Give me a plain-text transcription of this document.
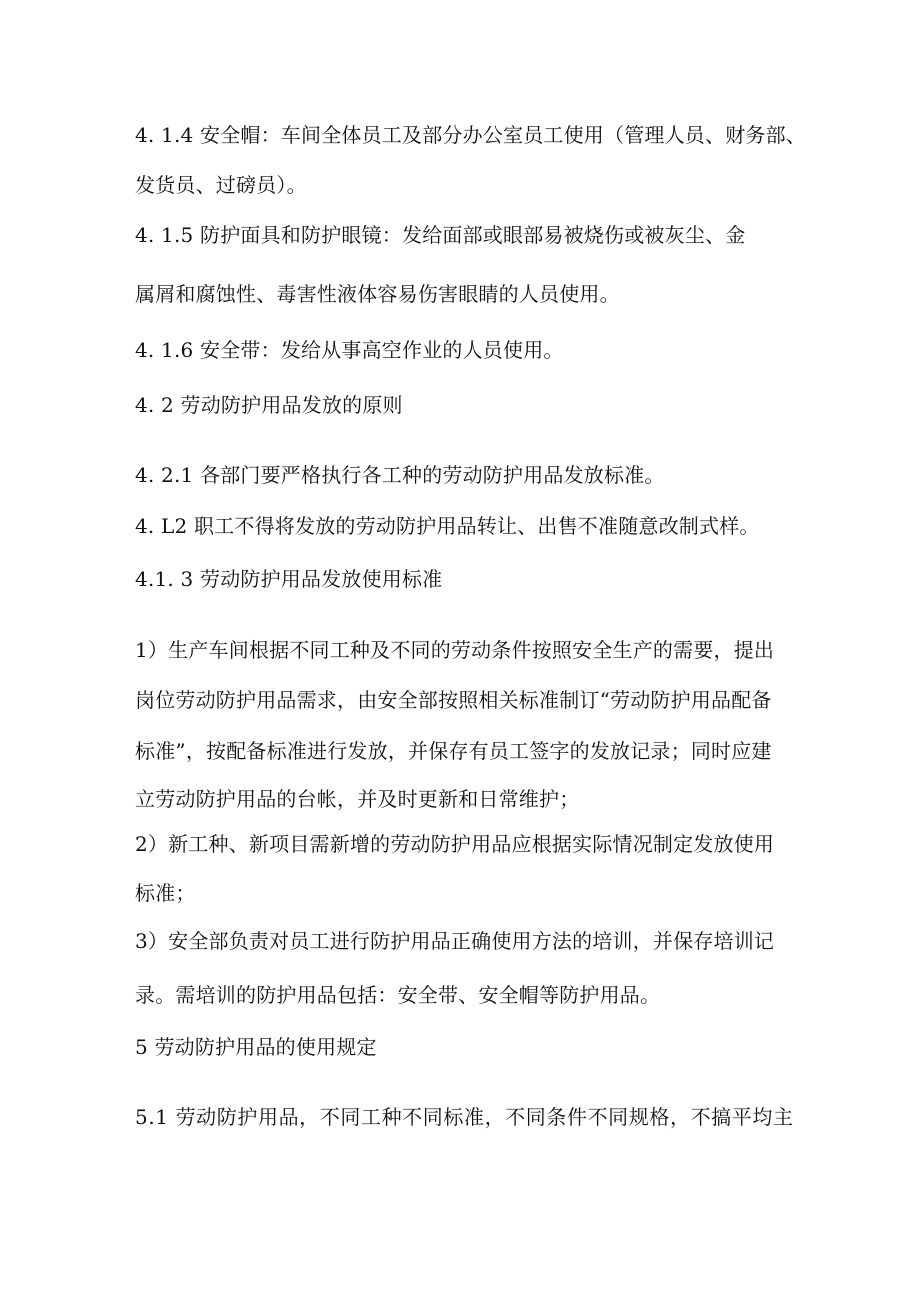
4. 1.4 安全帽：车间全体员工及部分办公室员工使用（管理人员、财务部、
发货员、过磅员）。
4. 1.5 防护面具和防护眼镜：发给面部或眼部易被烧伤或被灰尘、金
属屑和腐蚀性、毒害性液体容易伤害眼睛的人员使用。
4. 1.6 安全带：发给从事高空作业的人员使用。
4. 2 劳动防护用品发放的原则
4. 2.1 各部门要严格执行各工种的劳动防护用品发放标准。
4. L2 职工不得将发放的劳动防护用品转让、出售不准随意改制式样。
4.1. 3 劳动防护用品发放使用标准
1）生产车间根据不同工种及不同的劳动条件按照安全生产的需要，提出
岗位劳动防护用品需求，由安全部按照相关标准制订“劳动防护用品配备
标准”，按配备标准进行发放，并保存有员工签字的发放记录；同时应建
立劳动防护用品的台帐，并及时更新和日常维护；
2）新工种、新项目需新增的劳动防护用品应根据实际情况制定发放使用
标准；
3）安全部负责对员工进行防护用品正确使用方法的培训，并保存培训记
录。需培训的防护用品包括：安全带、安全帽等防护用品。
5 劳动防护用品的使用规定
5.1 劳动防护用品，不同工种不同标准，不同条件不同规格，不搞平均主
